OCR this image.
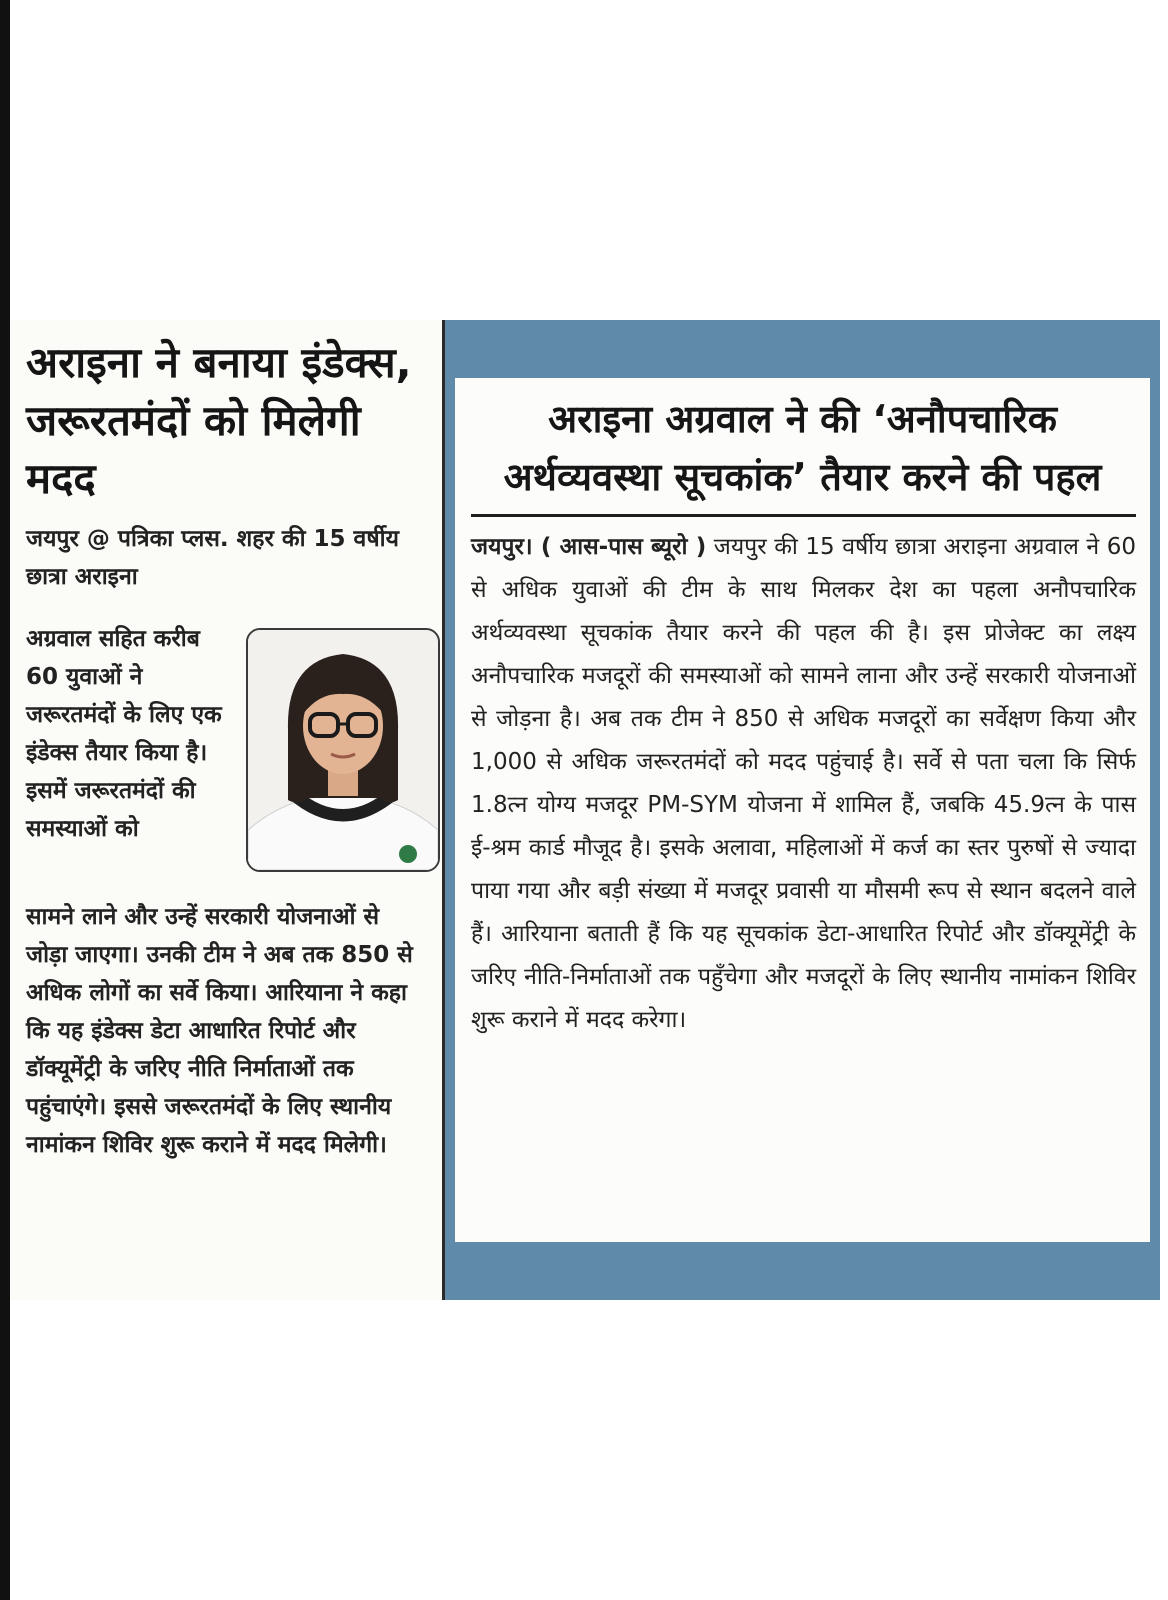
अराइना ने बनाया इंडेक्स, जरूरतमंदों को मिलेगी मदद
जयपुर @ पत्रिका प्लस. शहर की 15 वर्षीय छात्रा अराइना
अग्रवाल सहित करीब 60 युवाओं ने जरूरतमंदों के लिए एक इंडेक्स तैयार किया है। इसमें जरूरतमंदों की समस्याओं को
सामने लाने और उन्हें सरकारी योजनाओं से जोड़ा जाएगा। उनकी टीम ने अब तक 850 से अधिक लोगों का सर्वे किया। आरियाना ने कहा कि यह इंडेक्स डेटा आधारित रिपोर्ट और डॉक्यूमेंट्री के जरिए नीति निर्माताओं तक पहुंचाएंगे। इससे जरूरतमंदों के लिए स्थानीय नामांकन शिविर शुरू कराने में मदद मिलेगी।
अराइना अग्रवाल ने की ‘अनौपचारिक अर्थव्यवस्था सूचकांक’ तैयार करने की पहल
जयपुर। ( आस-पास ब्यूरो ) जयपुर की 15 वर्षीय छात्रा अराइना अग्रवाल ने 60 से अधिक युवाओं की टीम के साथ मिलकर देश का पहला अनौपचारिक अर्थव्यवस्था सूचकांक तैयार करने की पहल की है। इस प्रोजेक्ट का लक्ष्य अनौपचारिक मजदूरों की समस्याओं को सामने लाना और उन्हें सरकारी योजनाओं से जोड़ना है। अब तक टीम ने 850 से अधिक मजदूरों का सर्वेक्षण किया और 1,000 से अधिक जरूरतमंदों को मदद पहुंचाई है। सर्वे से पता चला कि सिर्फ 1.8त्न योग्य मजदूर PM-SYM योजना में शामिल हैं, जबकि 45.9त्न के पास ई-श्रम कार्ड मौजूद है। इसके अलावा, महिलाओं में कर्ज का स्तर पुरुषों से ज्यादा पाया गया और बड़ी संख्या में मजदूर प्रवासी या मौसमी रूप से स्थान बदलने वाले हैं। आरियाना बताती हैं कि यह सूचकांक डेटा-आधारित रिपोर्ट और डॉक्यूमेंट्री के जरिए नीति-निर्माताओं तक पहुँचेगा और मजदूरों के लिए स्थानीय नामांकन शिविर शुरू कराने में मदद करेगा।
